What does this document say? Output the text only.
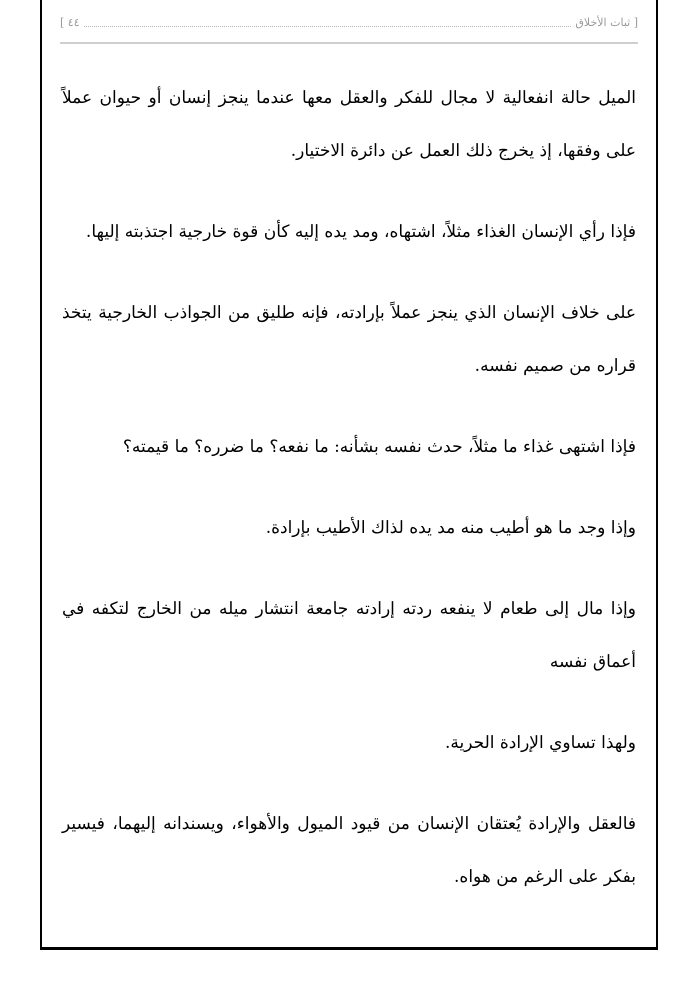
[ ثبات الأخلاق
٤٤ ]

الميل حالة انفعالية لا مجال للفكر والعقل معها عندما ينجز إنسان أو حيوان عملاً على وفقها، إذ يخرج ذلك العمل عن دائرة الاختيار.

فإذا رأي الإنسان الغذاء مثلاً، اشتهاه، ومد يده إليه كأن قوة خارجية اجتذبته إليها.

على خلاف الإنسان الذي ينجز عملاً بإرادته، فإنه طليق من الجواذب الخارجية يتخذ قراره من صميم نفسه.

فإذا اشتهى غذاء ما مثلاً، حدث نفسه بشأنه: ما نفعه؟ ما ضرره؟ ما قيمته؟

وإذا وجد ما هو أطيب منه مد يده لذاك الأطيب بإرادة.

وإذا مال إلى طعام لا ينفعه ردته إرادته جامعة انتشار ميله من الخارج لتكفه في أعماق نفسه

ولهذا تساوي الإرادة الحرية.

فالعقل والإرادة يُعتقان الإنسان من قيود الميول والأهواء، ويسندانه إليهما، فيسير بفكر على الرغم من هواه.
